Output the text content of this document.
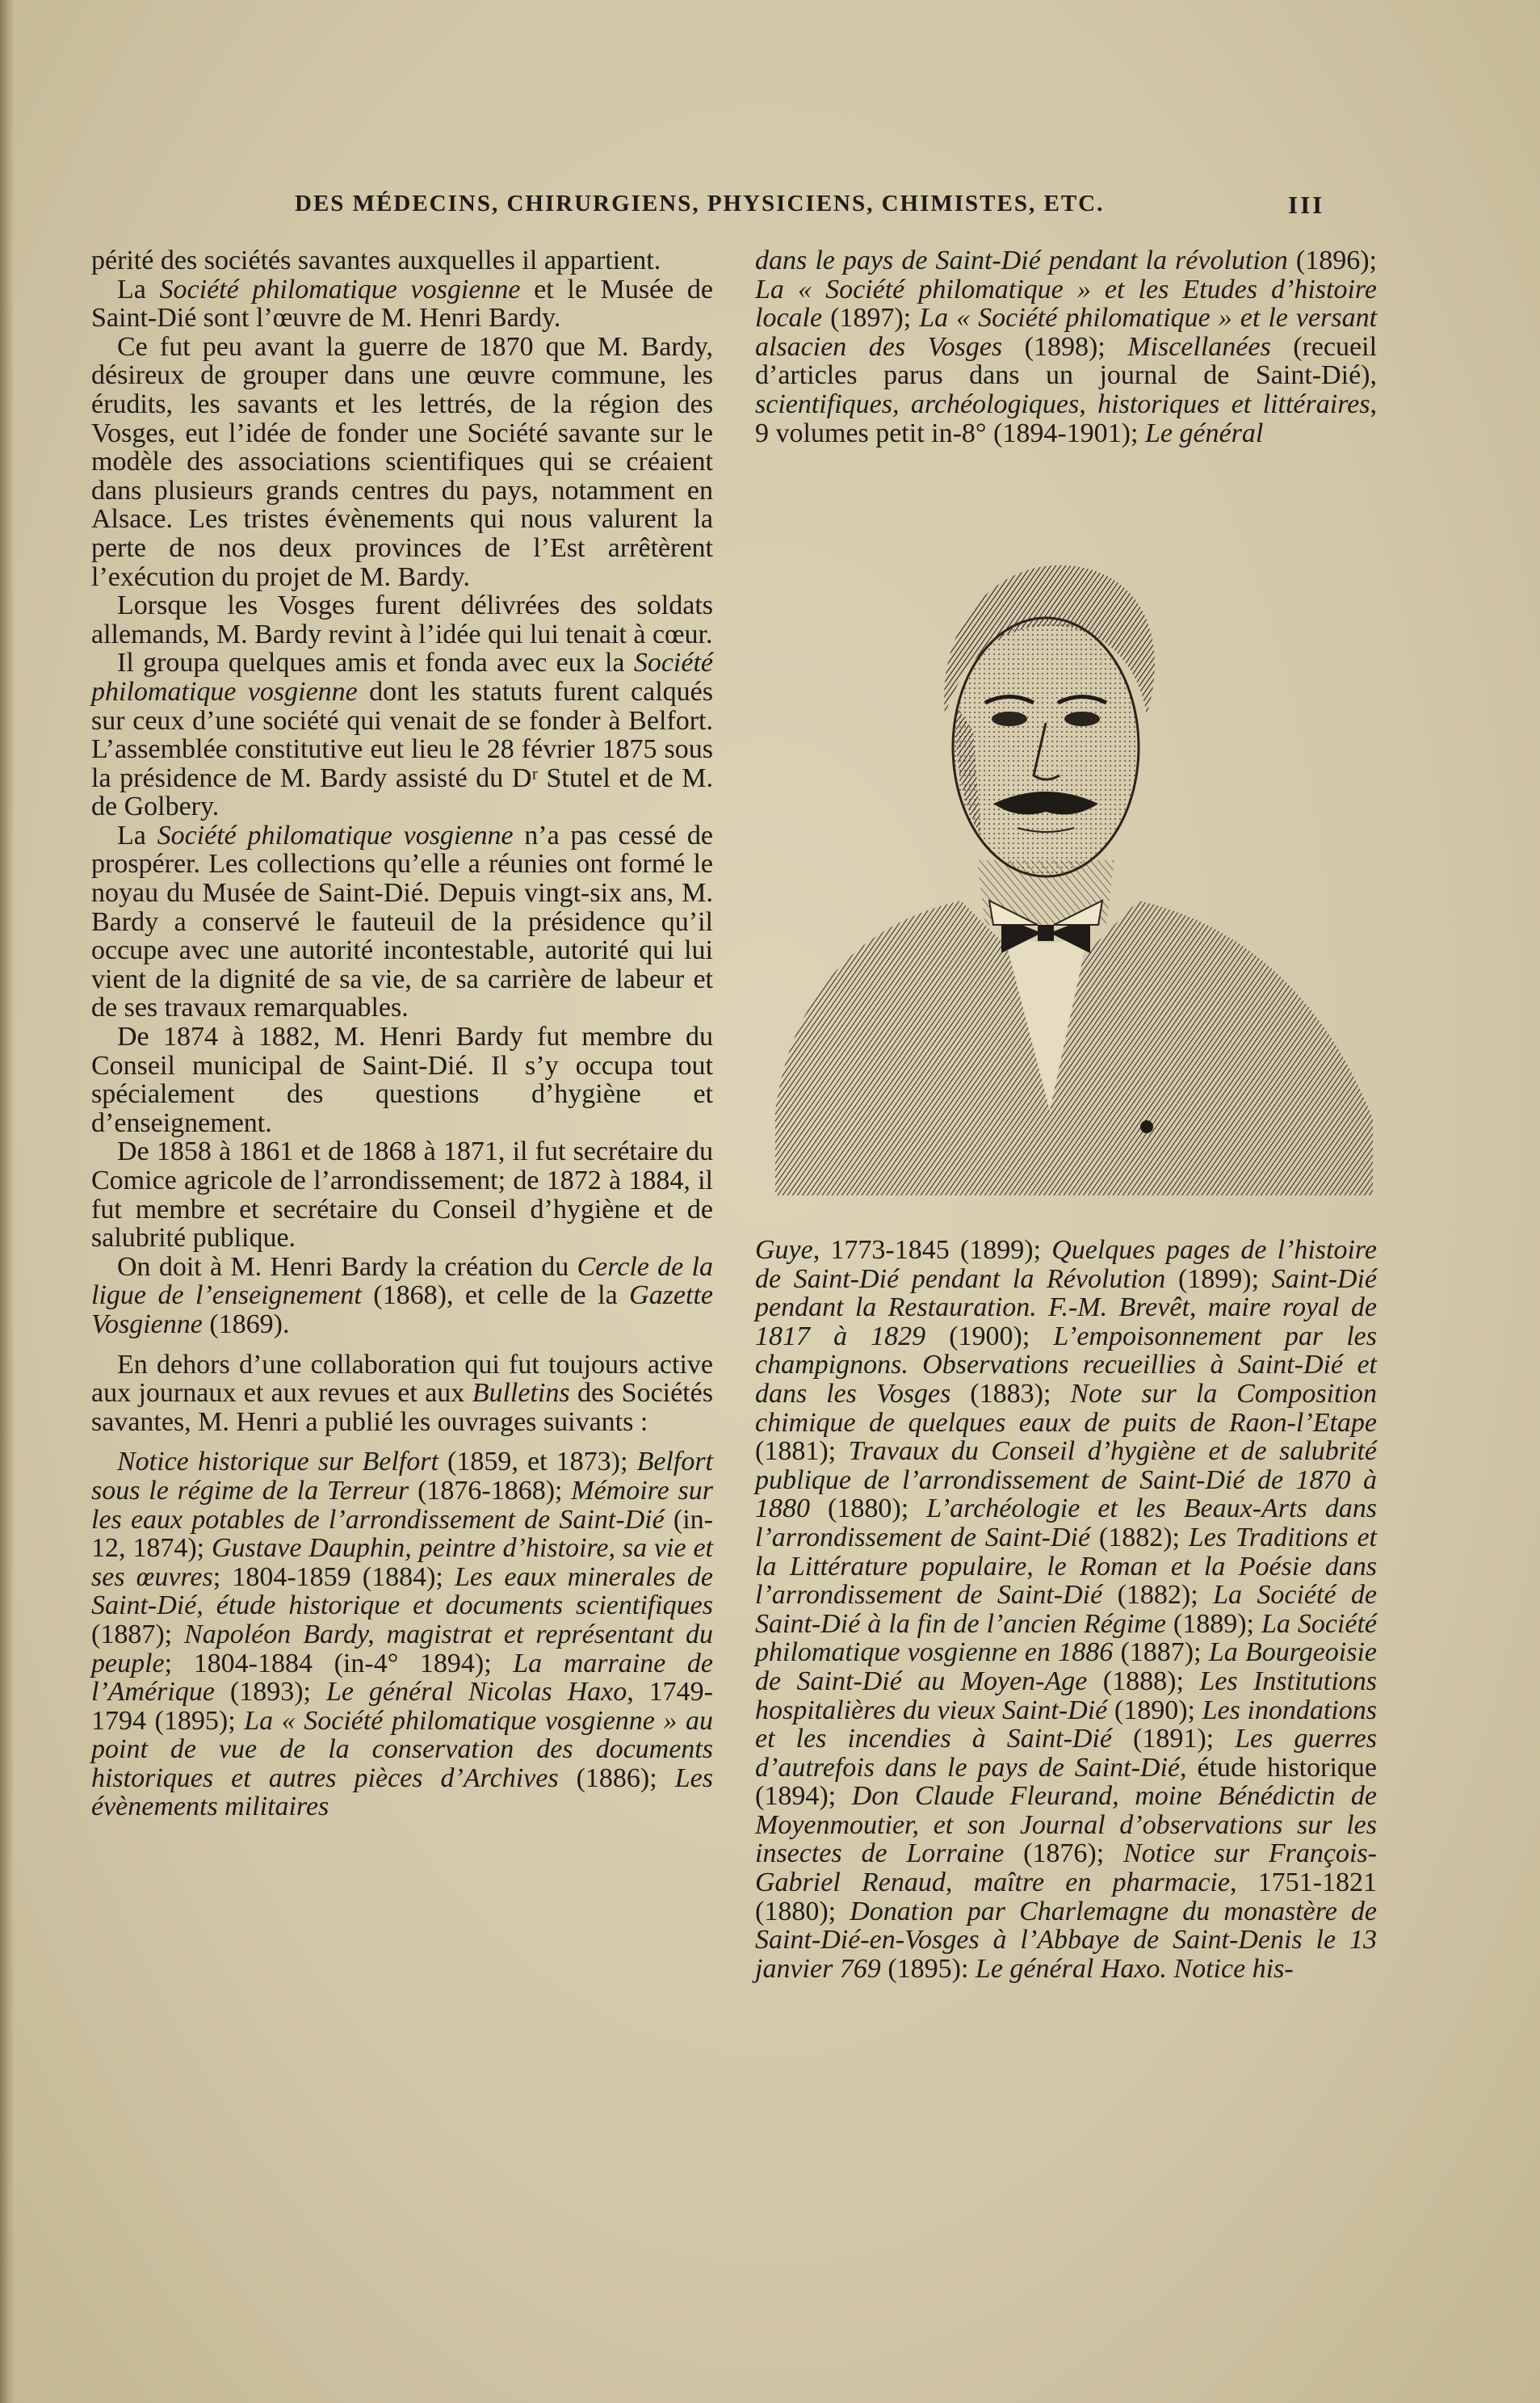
DES MÉDECINS, CHIRURGIENS, PHYSICIENS, CHIMISTES, ETC.	III

périté des sociétés savantes auxquelles il appartient.

La Société philomatique vosgienne et le Musée de Saint-Dié sont l’œuvre de M. Henri Bardy.

Ce fut peu avant la guerre de 1870 que M. Bardy, désireux de grouper dans une œuvre commune, les érudits, les savants et les lettrés, de la région des Vosges, eut l’idée de fonder une Société savante sur le modèle des associations scientifiques qui se créaient dans plusieurs grands centres du pays, notamment en Alsace. Les tristes évènements qui nous valurent la perte de nos deux provinces de l’Est arrêtèrent l’exécution du projet de M. Bardy.

Lorsque les Vosges furent délivrées des soldats allemands, M. Bardy revint à l’idée qui lui tenait à cœur.

Il groupa quelques amis et fonda avec eux la Société philomatique vosgienne dont les statuts furent calqués sur ceux d’une société qui venait de se fonder à Belfort. L’assemblée constitutive eut lieu le 28 février 1875 sous la présidence de M. Bardy assisté du Dʳ Stutel et de M. de Golbery.

La Société philomatique vosgienne n’a pas cessé de prospérer. Les collections qu’elle a réunies ont formé le noyau du Musée de Saint-Dié. Depuis vingt-six ans, M. Bardy a conservé le fauteuil de la présidence qu’il occupe avec une autorité incontestable, autorité qui lui vient de la dignité de sa vie, de sa carrière de labeur et de ses travaux remarquables.

De 1874 à 1882, M. Henri Bardy fut membre du Conseil municipal de Saint-Dié. Il s’y occupa tout spécialement des questions d’hygiène et d’enseignement.

De 1858 à 1861 et de 1868 à 1871, il fut secrétaire du Comice agricole de l’arrondissement; de 1872 à 1884, il fut membre et secrétaire du Conseil d’hygiène et de salubrité publique.

On doit à M. Henri Bardy la création du Cercle de la ligue de l’enseignement (1868), et celle de la Gazette Vosgienne (1869).

En dehors d’une collaboration qui fut toujours active aux journaux et aux revues et aux Bulletins des Sociétés savantes, M. Henri a publié les ouvrages suivants :

Notice historique sur Belfort (1859, et 1873); Belfort sous le régime de la Terreur (1876-1868); Mémoire sur les eaux potables de l’arrondissement de Saint-Dié (in-12, 1874); Gustave Dauphin, peintre d’histoire, sa vie et ses œuvres; 1804-1859 (1884); Les eaux minerales de Saint-Dié, étude historique et documents scientifiques (1887); Napoléon Bardy, magistrat et représentant du peuple; 1804-1884 (in-4° 1894); La marraine de l’Amérique (1893); Le général Nicolas Haxo, 1749-1794 (1895); La « Société philomatique vosgienne » au point de vue de la conservation des documents historiques et autres pièces d’Archives (1886); Les évènements militaires

dans le pays de Saint-Dié pendant la révolution (1896); La « Société philomatique » et les Etudes d’histoire locale (1897); La « Société philomatique » et le versant alsacien des Vosges (1898); Miscellanées (recueil d’articles parus dans un journal de Saint-Dié), scientifiques, archéologiques, historiques et littéraires, 9 volumes petit in-8° (1894-1901); Le général

Guye, 1773-1845 (1899); Quelques pages de l’histoire de Saint-Dié pendant la Révolution (1899); Saint-Dié pendant la Restauration. F.-M. Brevêt, maire royal de 1817 à 1829 (1900); L’empoisonnement par les champignons. Observations recueillies à Saint-Dié et dans les Vosges (1883); Note sur la Composition chimique de quelques eaux de puits de Raon-l’Etape (1881); Travaux du Conseil d’hygiène et de salubrité publique de l’arrondissement de Saint-Dié de 1870 à 1880 (1880); L’archéologie et les Beaux-Arts dans l’arrondissement de Saint-Dié (1882); Les Traditions et la Littérature populaire, le Roman et la Poésie dans l’arrondissement de Saint-Dié (1882); La Société de Saint-Dié à la fin de l’ancien Régime (1889); La Société philomatique vosgienne en 1886 (1887); La Bourgeoisie de Saint-Dié au Moyen-Age (1888); Les Institutions hospitalières du vieux Saint-Dié (1890); Les inondations et les incendies à Saint-Dié (1891); Les guerres d’autrefois dans le pays de Saint-Dié, étude historique (1894); Don Claude Fleurand, moine Bénédictin de Moyenmoutier, et son Journal d’observations sur les insectes de Lorraine (1876); Notice sur François-Gabriel Renaud, maître en pharmacie, 1751-1821 (1880); Donation par Charlemagne du monastère de Saint-Dié-en-Vosges à l’Abbaye de Saint-Denis le 13 janvier 769 (1895): Le général Haxo. Notice his-
